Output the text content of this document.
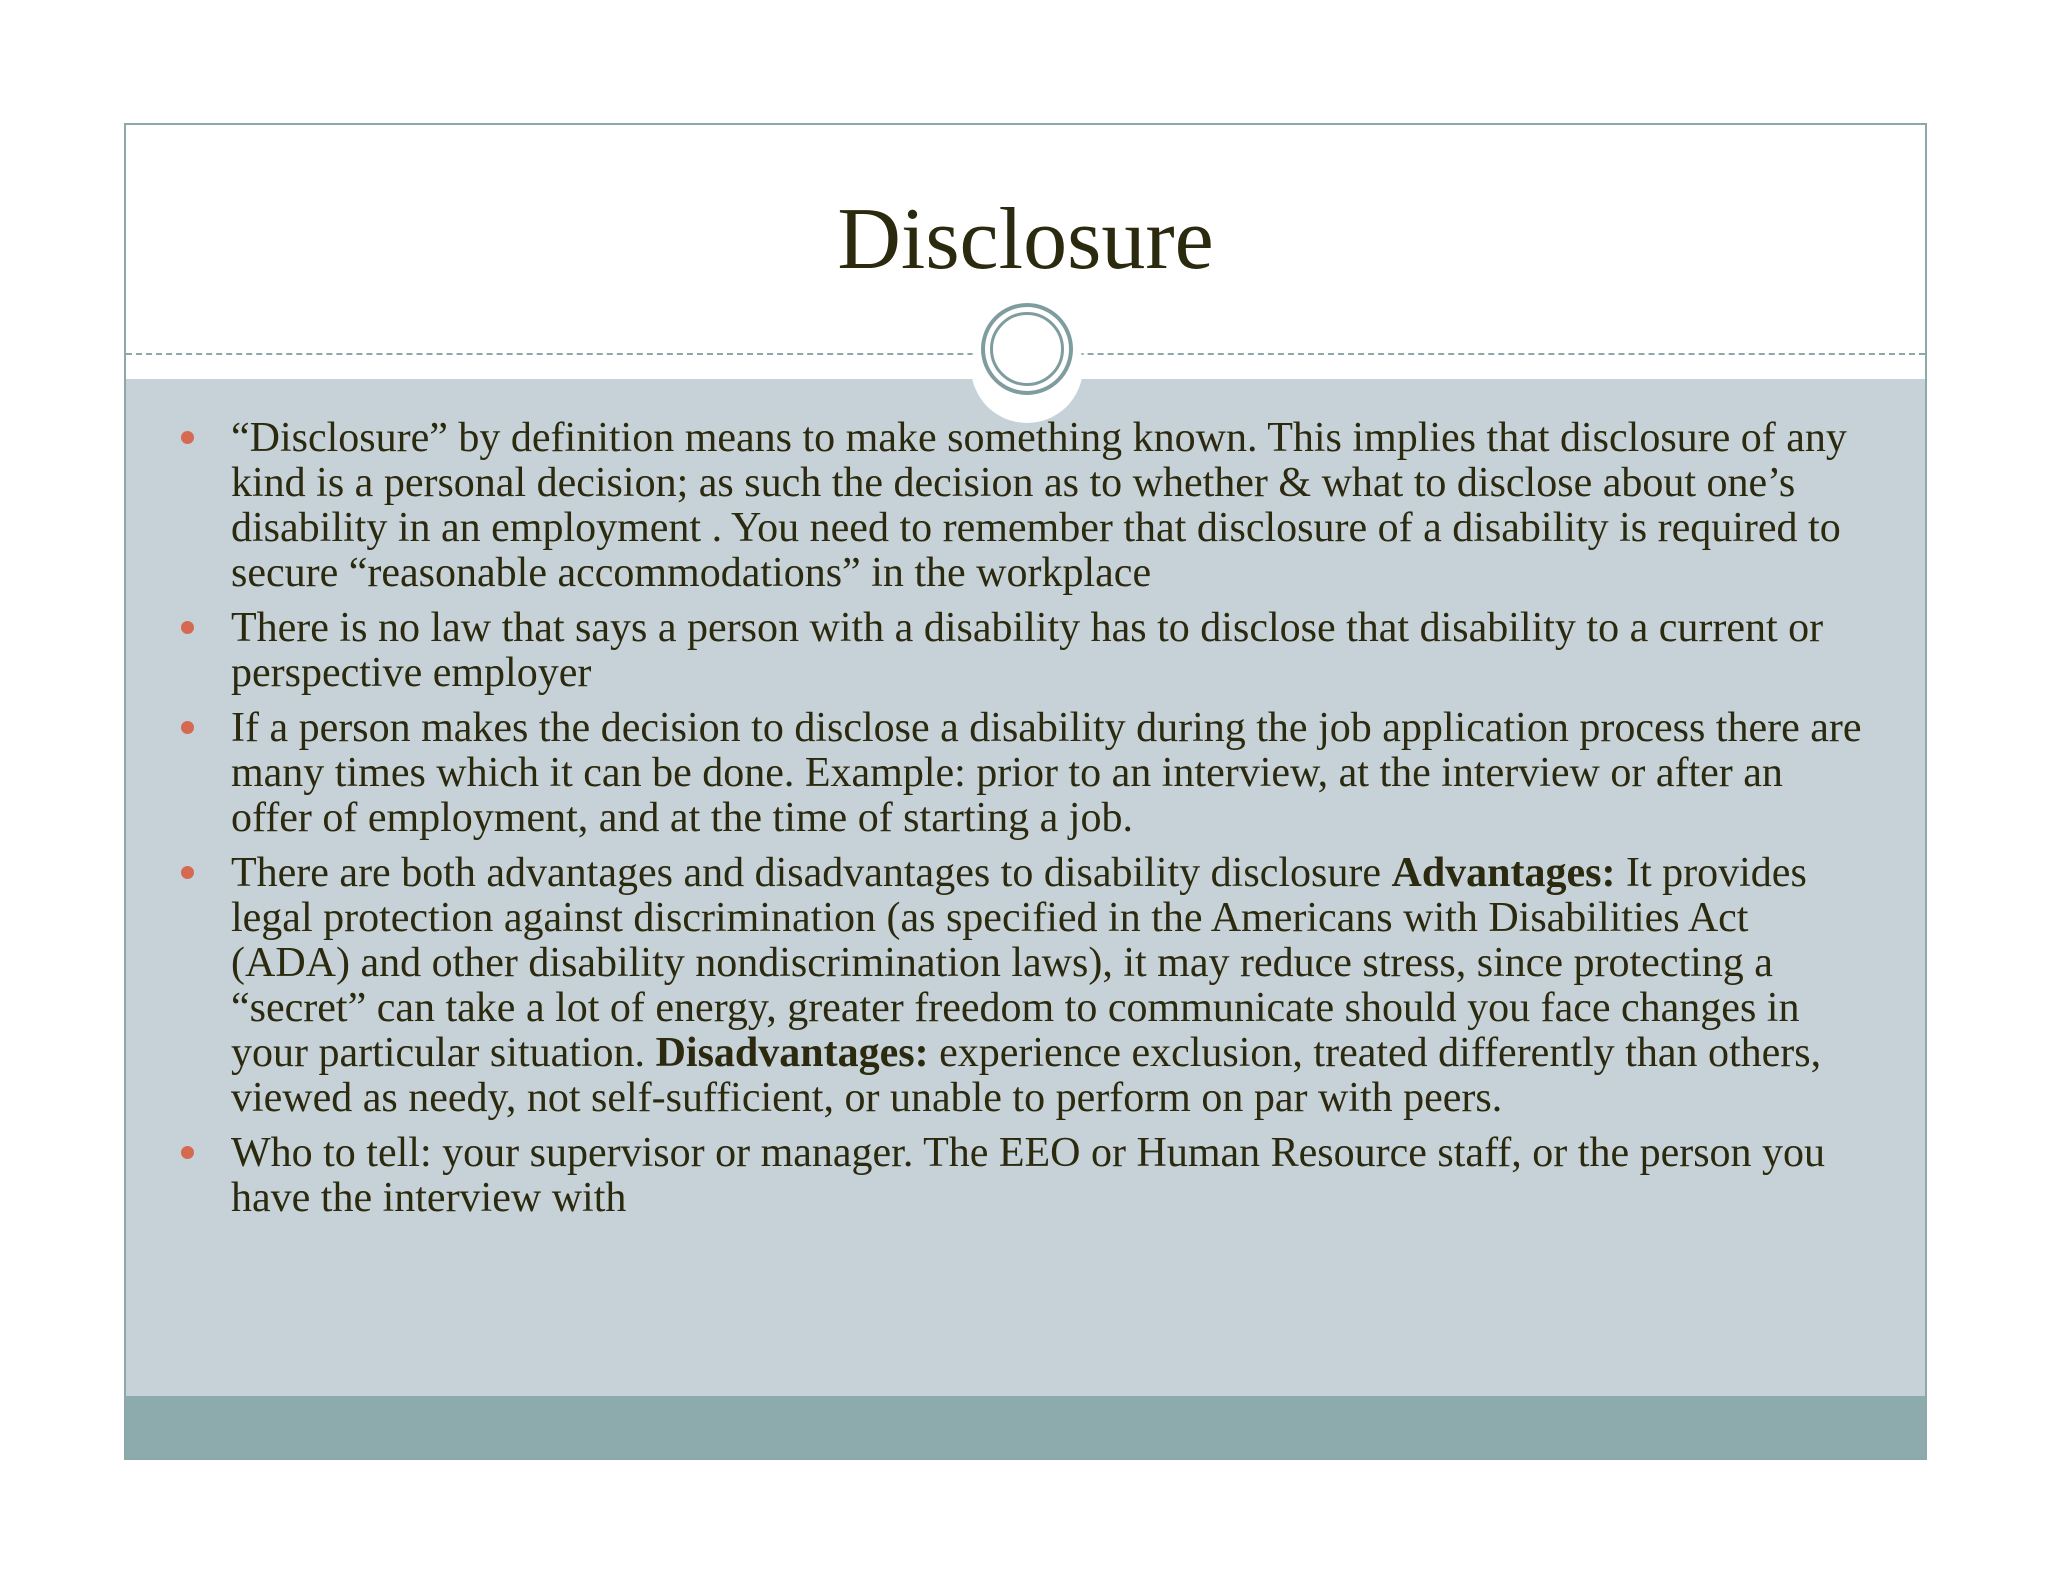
Disclosure
“Disclosure” by definition means to make something known. This implies that disclosure of any kind is a personal decision; as such the decision as to whether & what to disclose about one’s disability in an employment . You need to remember that disclosure of a disability is required to secure “reasonable accommodations” in the workplace
There is no law that says a person with a disability has to disclose that disability to a current or perspective employer
If a person makes the decision to disclose a disability during the job application process there are many times which it can be done. Example: prior to an interview, at the interview or after an offer of employment, and at the time of starting a job.
There are both advantages and disadvantages to disability disclosure Advantages: It provides legal protection against discrimination (as specified in the Americans with Disabilities Act (ADA) and other disability nondiscrimination laws), it may reduce stress, since protecting a “secret” can take a lot of energy, greater freedom to communicate should you face changes in your particular situation. Disadvantages: experience exclusion, treated differently than others, viewed as needy, not self-sufficient, or unable to perform on par with peers.
Who to tell: your supervisor or manager. The EEO or Human Resource staff, or the person you have the interview with
